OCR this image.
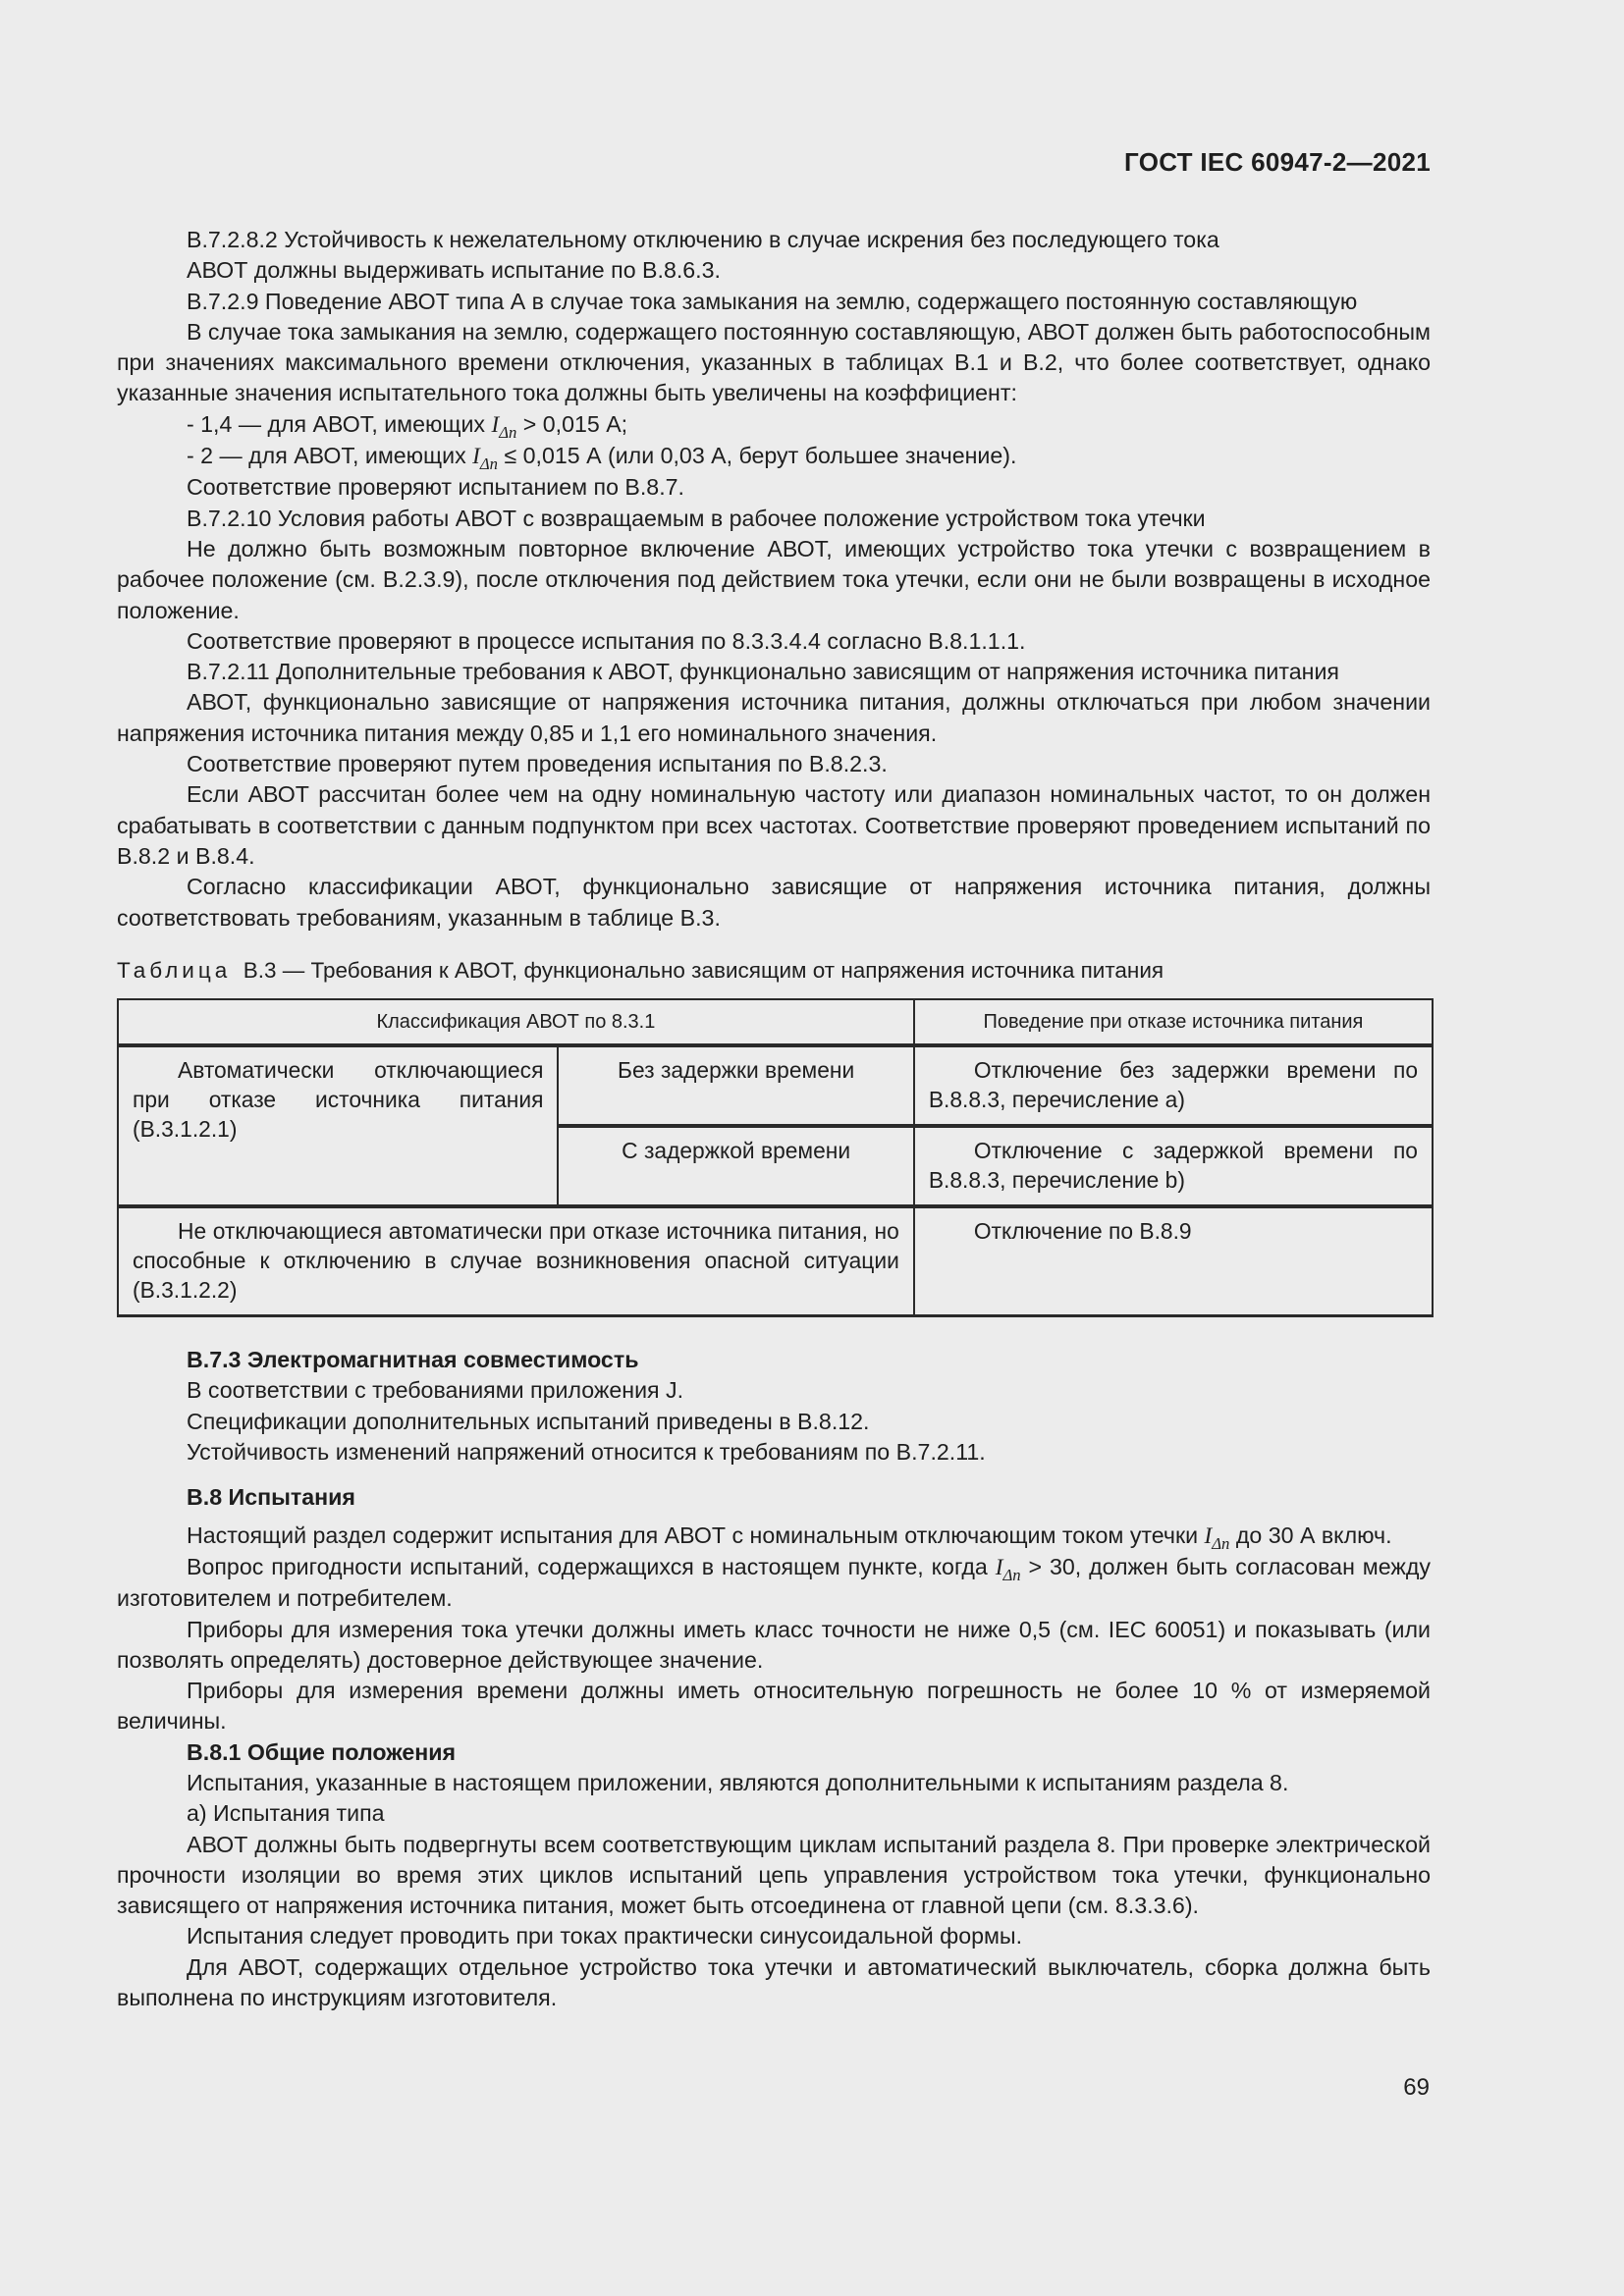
ГОСТ IEC 60947-2—2021

В.7.2.8.2 Устойчивость к нежелательному отключению в случае искрения без последующего тока

АВОТ должны выдерживать испытание по В.8.6.3.

В.7.2.9 Поведение АВОТ типа А в случае тока замыкания на землю, содержащего постоянную составляющую

В случае тока замыкания на землю, содержащего постоянную составляющую, АВОТ должен быть работоспособным при значениях максимального времени отключения, указанных в таблицах В.1 и В.2, что более соответствует, однако указанные значения испытательного тока должны быть увеличены на коэффициент:

- 1,4 — для АВОТ, имеющих $I_{\Delta n} > 0,015$ А;

- 2 — для АВОТ, имеющих $I_{\Delta n} \le 0,015$ А (или 0,03 А, берут большее значение).

Соответствие проверяют испытанием по В.8.7.

В.7.2.10 Условия работы АВОТ с возвращаемым в рабочее положение устройством тока утечки

Не должно быть возможным повторное включение АВОТ, имеющих устройство тока утечки с возвращением в рабочее положение (см. В.2.3.9), после отключения под действием тока утечки, если они не были возвращены в исходное положение.

Соответствие проверяют в процессе испытания по 8.3.3.4.4 согласно В.8.1.1.1.

В.7.2.11 Дополнительные требования к АВОТ, функционально зависящим от напряжения источника питания

АВОТ, функционально зависящие от напряжения источника питания, должны отключаться при любом значении напряжения источника питания между 0,85 и 1,1 его номинального значения.

Соответствие проверяют путем проведения испытания по В.8.2.3.

Если АВОТ рассчитан более чем на одну номинальную частоту или диапазон номинальных частот, то он должен срабатывать в соответствии с данным подпунктом при всех частотах. Соответствие проверяют проведением испытаний по В.8.2 и В.8.4.

Согласно классификации АВОТ, функционально зависящие от напряжения источника питания, должны соответствовать требованиям, указанным в таблице В.3.

Таблица В.3 — Требования к АВОТ, функционально зависящим от напряжения источника питания
Классификация АВОТ по 8.3.1		Поведение при отказе источника питания

Автоматически отключающиеся при отказе источника питания (В.3.1.2.1)	Без задержки времени	Отключение без задержки времени по В.8.8.3, перечисление а)

	С задержкой времени	Отключение с задержкой времени по В.8.8.3, перечисление b)

Не отключающиеся автоматически при отказе источника питания, но способные к отключению в случае возникновения опасной ситуации (В.3.1.2.2)		Отключение по В.8.9

В.7.3 Электромагнитная совместимость

В соответствии с требованиями приложения J.

Спецификации дополнительных испытаний приведены в В.8.12.

Устойчивость изменений напряжений относится к требованиям по В.7.2.11.

В.8 Испытания

Настоящий раздел содержит испытания для АВОТ с номинальным отключающим током утечки $I_{\Delta n}$ до 30 А включ.

Вопрос пригодности испытаний, содержащихся в настоящем пункте, когда $I_{\Delta n} > 30$, должен быть согласован между изготовителем и потребителем.

Приборы для измерения тока утечки должны иметь класс точности не ниже 0,5 (см. IEC 60051) и показывать (или позволять определять) достоверное действующее значение.

Приборы для измерения времени должны иметь относительную погрешность не более 10 % от измеряемой величины.

В.8.1 Общие положения

Испытания, указанные в настоящем приложении, являются дополнительными к испытаниям раздела 8.

а) Испытания типа

АВОТ должны быть подвергнуты всем соответствующим циклам испытаний раздела 8. При проверке электрической прочности изоляции во время этих циклов испытаний цепь управления устройством тока утечки, функционально зависящего от напряжения источника питания, может быть отсоединена от главной цепи (см. 8.3.3.6).

Испытания следует проводить при токах практически синусоидальной формы.

Для АВОТ, содержащих отдельное устройство тока утечки и автоматический выключатель, сборка должна быть выполнена по инструкциям изготовителя.

69
